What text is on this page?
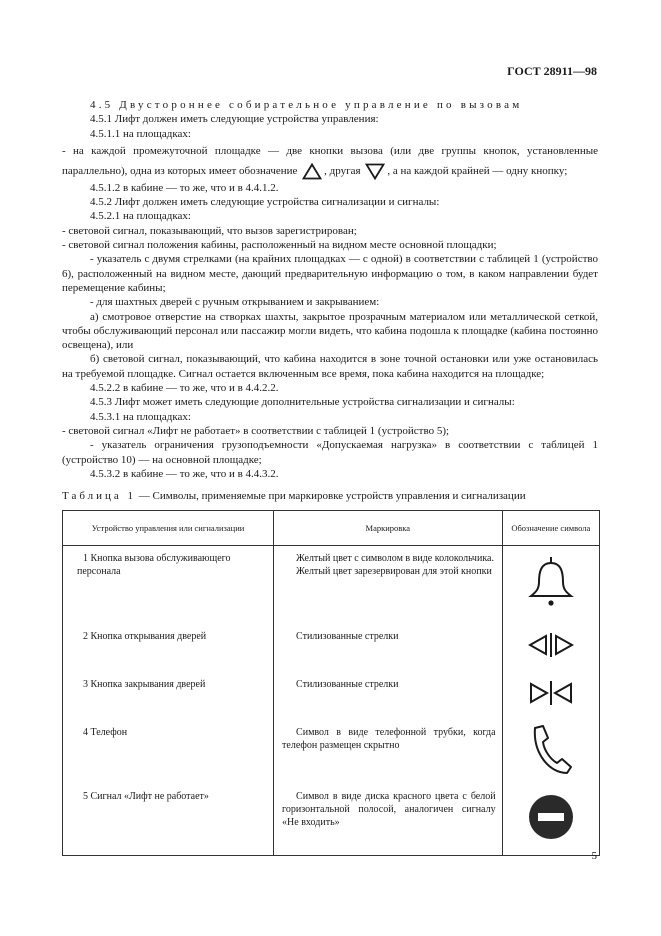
ГОСТ 28911—98

4.5 Двустороннее собирательное управление по вызовам

4.5.1 Лифт должен иметь следующие устройства управления:

4.5.1.1 на площадках:

- на каждой промежуточной площадке — две кнопки вызова (или две группы кнопок, установленные параллельно), одна из которых имеет обозначение , другая , а на каждой крайней — одну кнопку;

4.5.1.2 в кабине — то же, что и в 4.4.1.2.

4.5.2 Лифт должен иметь следующие устройства сигнализации и сигналы:

4.5.2.1 на площадках:

- световой сигнал, показывающий, что вызов зарегистрирован;

- световой сигнал положения кабины, расположенный на видном месте основной площадки;

- указатель с двумя стрелками (на крайних площадках — с одной) в соответствии с таблицей 1 (устройство 6), расположенный на видном месте, дающий предварительную информацию о том, в каком направлении будет перемещение кабины;

- для шахтных дверей с ручным открыванием и закрыванием:

а) смотровое отверстие на створках шахты, закрытое прозрачным материалом или металлической сеткой, чтобы обслуживающий персонал или пассажир могли видеть, что кабина подошла к площадке (кабина постоянно освещена), или

б) световой сигнал, показывающий, что кабина находится в зоне точной остановки или уже остановилась на требуемой площадке. Сигнал остается включенным все время, пока кабина находится на площадке;

4.5.2.2 в кабине — то же, что и в 4.4.2.2.

4.5.3 Лифт может иметь следующие дополнительные устройства сигнализации и сигналы:

4.5.3.1 на площадках:

- световой сигнал «Лифт не работает» в соответствии с таблицей 1 (устройство 5);

- указатель ограничения грузоподъемности «Допускаемая нагрузка» в соответствии с таблицей 1 (устройство 10) — на основной площадке;

4.5.3.2 в кабине — то же, что и в 4.4.3.2.

Таблица 1 — Символы, применяемые при маркировке устройств управления и сигнализации
Устройство управления или сигнализации	Маркировка	Обозначение символа

1 Кнопка вызова обслуживающего персонала	Желтый цвет с символом в виде колокольчика.

Желтый цвет зарезервирован для этой кнопки

2 Кнопка открывания дверей	Стилизованные стрелки

3 Кнопка закрывания дверей	Стилизованные стрелки

4 Телефон	Символ в виде телефонной трубки, когда телефон размещен скрытно

5 Сигнал «Лифт не работает»	Символ в виде диска красного цвета с белой горизонтальной полосой, аналогичен сигналу «Не входить»

5
